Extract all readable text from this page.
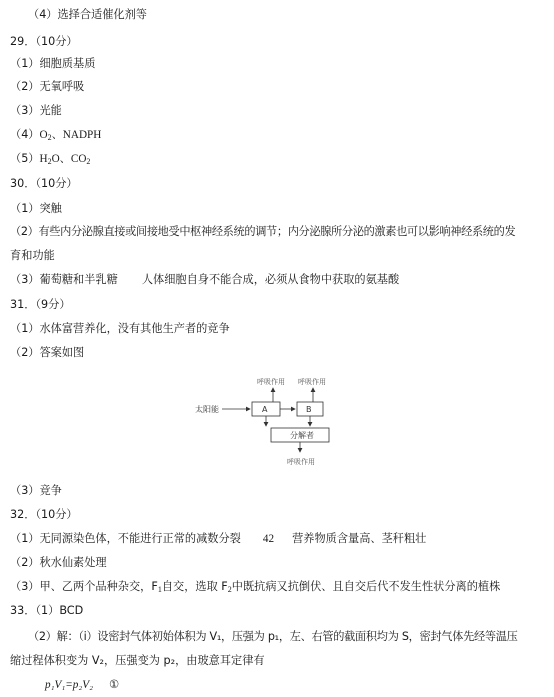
（4）选择合适催化剂等
29．（10分）
（1）细胞质基质
（2）无氧呼吸
（3）光能
$(4)O_2$、NADPH
$(5)H_2O$、$CO_2$
30．（10分）
（1）突触
（2）有些内分泌腺直接或间接地受中枢神经系统的调节；内分泌腺所分泌的激素也可以影响神经系统的发
育和功能
（3）葡萄糖和半乳糖 人体细胞自身不能合成，必须从食物中获取的氨基酸
31．（9分）
（1）水体富营养化，没有其他生产者的竞争
（2）答案如图
太阳能	A	B
呼吸作用 呼吸作用
分解者
呼吸作用
（3）竞争
32．（10分）
（1）无同源染色体，不能进行正常的减数分裂 42 营养物质含量高、茎秆粗壮
（2）秋水仙素处理
（3）甲、乙两个品种杂交，$F_1$自交，选取 $F_2$中既抗病又抗倒伏、且自交后代不发生性状分离的植株
33．（1）BCD
（2）解：（i）设密封气体初始体积为 V₁，压强为 p₁，左、右管的截面积均为 S，密封气体先经等温压
缩过程体积变为 V₂，压强变为 p₂，由玻意耳定律有
p₁V₁=p₂V₂ ①
